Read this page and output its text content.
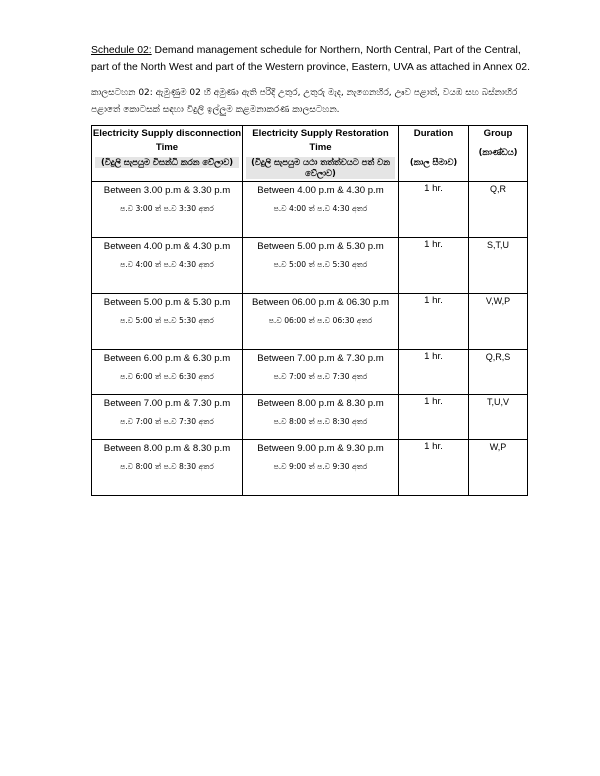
Schedule 02: Demand management schedule for Northern, North Central, Part of the Central, part of the North West and part of the Western province, Eastern, UVA as attached in Annex 02.
කාලසටහන 02: ඇමුණුම 02 හි අමුණා ඇති පරිදි උතුර, උතුරු මැද, නැගෙනහිර, ඌව පළාත්, වයඹ සහ බස්නාහිර පළාතේ කොටසක් සඳහා විදුලි ඉල්ලුම කළමනාකරණ කාලසටහන.
Electricity Supply disconnection Time
(විදුලි සැපයුම විසන්ධි කරන වේලාව)	Electricity Supply Restoration Time
(විදුලි සැපයුම යථා තත්ත්වයට පත් වන වේලාව)	Duration
(කාල සීමාව)	Group
(කාණ්ඩය)

Between 3.00 p.m & 3.30 p.m
ප.ව 3:00 ත් ප.ව 3:30 අතර	Between 4.00 p.m & 4.30 p.m
ප.ව 4:00 ත් ප.ව 4:30 අතර	1 hr.	Q,R

Between 4.00 p.m & 4.30 p.m
ප.ව 4:00 ත් ප.ව 4:30 අතර	Between 5.00 p.m & 5.30 p.m
ප.ව 5:00 ත් ප.ව 5:30 අතර	1 hr.	S,T,U

Between 5.00 p.m & 5.30 p.m
ප.ව 5:00 ත් ප.ව 5:30 අතර	Between 06.00 p.m & 06.30 p.m
ප.ව 06:00 ත් ප.ව 06:30 අතර	1 hr.	V,W,P

Between 6.00 p.m & 6.30 p.m
ප.ව 6:00 ත් ප.ව 6:30 අතර	Between 7.00 p.m & 7.30 p.m
ප.ව 7:00 ත් ප.ව 7:30 අතර	1 hr.	Q,R,S

Between 7.00 p.m & 7.30 p.m
ප.ව 7:00 ත් ප.ව 7:30 අතර	Between 8.00 p.m & 8.30 p.m
ප.ව 8:00 ත් ප.ව 8:30 අතර	1 hr.	T,U,V

Between 8.00 p.m & 8.30 p.m
ප.ව 8:00 ත් ප.ව 8:30 අතර	Between 9.00 p.m & 9.30 p.m
ප.ව 9:00 ත් ප.ව 9:30 අතර	1 hr.	W,P
